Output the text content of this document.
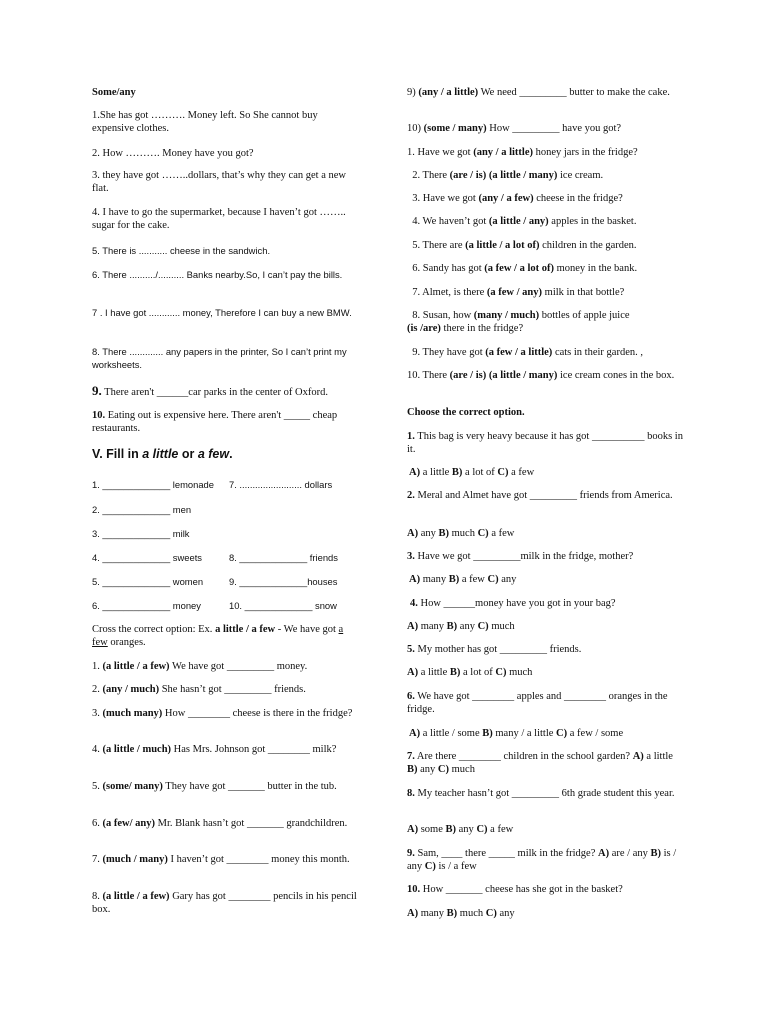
Some/any
1.She has got ………. Money left. So She cannot buy expensive clothes.
2. How ………. Money have you got?
3. they have got ……..dollars, that’s why they can get a new flat.
4. I have to go the supermarket, because I haven’t got …….. sugar for the cake.
5. There is ........... cheese in the sandwich.
6. There ........../.......... Banks nearby.So, I can’t pay the bills.
7 . I have got ............ money, Therefore I can buy a new BMW.
8. There ............. any papers in the printer, So I can’t print my worksheets.
9. There aren't ______car parks in the center of Oxford.
10. Eating out is expensive here. There aren't _____ cheap restaurants.
V. Fill in a little or a few.
1. _____________ lemonade	7. ........................ dollars
2. _____________ men
3. _____________ milk
4. _____________ sweets	8. _____________ friends
5. _____________ women	9. _____________houses
6. _____________ money	10. _____________ snow
Cross the correct option: Ex. a little / a few - We have got a few oranges.
1. (a little / a few) We have got _________ money.
2. (any / much) She hasn’t got _________ friends.
3. (much many) How ________ cheese is there in the fridge?
4. (a little / much) Has Mrs. Johnson got ________ milk?
5. (some/ many) They have got _______ butter in the tub.
6. (a few/ any) Mr. Blank hasn’t got _______ grandchildren.
7. (much / many) I haven’t got ________ money this month.
8. (a little / a few) Gary has got ________ pencils in his pencil box.
9) (any / a little) We need _________ butter to make the cake.
10) (some / many) How _________ have you got?
1. Have we got (any / a little) honey jars in the fridge?
2. There (are / is) (a little / many) ice cream.
3. Have we got (any / a few) cheese in the fridge?
4. We haven’t got (a little / any) apples in the basket.
5. There are (a little / a lot of) children in the garden.
6. Sandy has got (a few / a lot of) money in the bank.
7. Almet, is there (a few / any) milk in that bottle?
8. Susan, how (many / much) bottles of apple juice
(is /are) there in the fridge?
9. They have got (a few / a little) cats in their garden. ,
10. There (are / is) (a little / many) ice cream cones in the box.
Choose the correct option.
1. This bag is very heavy because it has got __________ books in it.
A) a little B) a lot of C) a few
2. Meral and Almet have got _________ friends from America.
A) any B) much C) a few
3. Have we got _________milk in the fridge, mother?
A) many B) a few C) any
4. How ______money have you got in your bag?
A) many B) any C) much
5. My mother has got _________ friends.
A) a little B) a lot of C) much
6. We have got ________ apples and ________ oranges in the fridge.
A) a little / some B) many / a little C) a few / some
7. Are there ________ children in the school garden? A) a little B) any C) much
8. My teacher hasn’t got _________ 6th grade student this year.
A) some B) any C) a few
9. Sam, ____ there _____ milk in the fridge? A) are / any B) is / any C) is / a few
10. How _______ cheese has she got in the basket?
A) many B) much C) any
